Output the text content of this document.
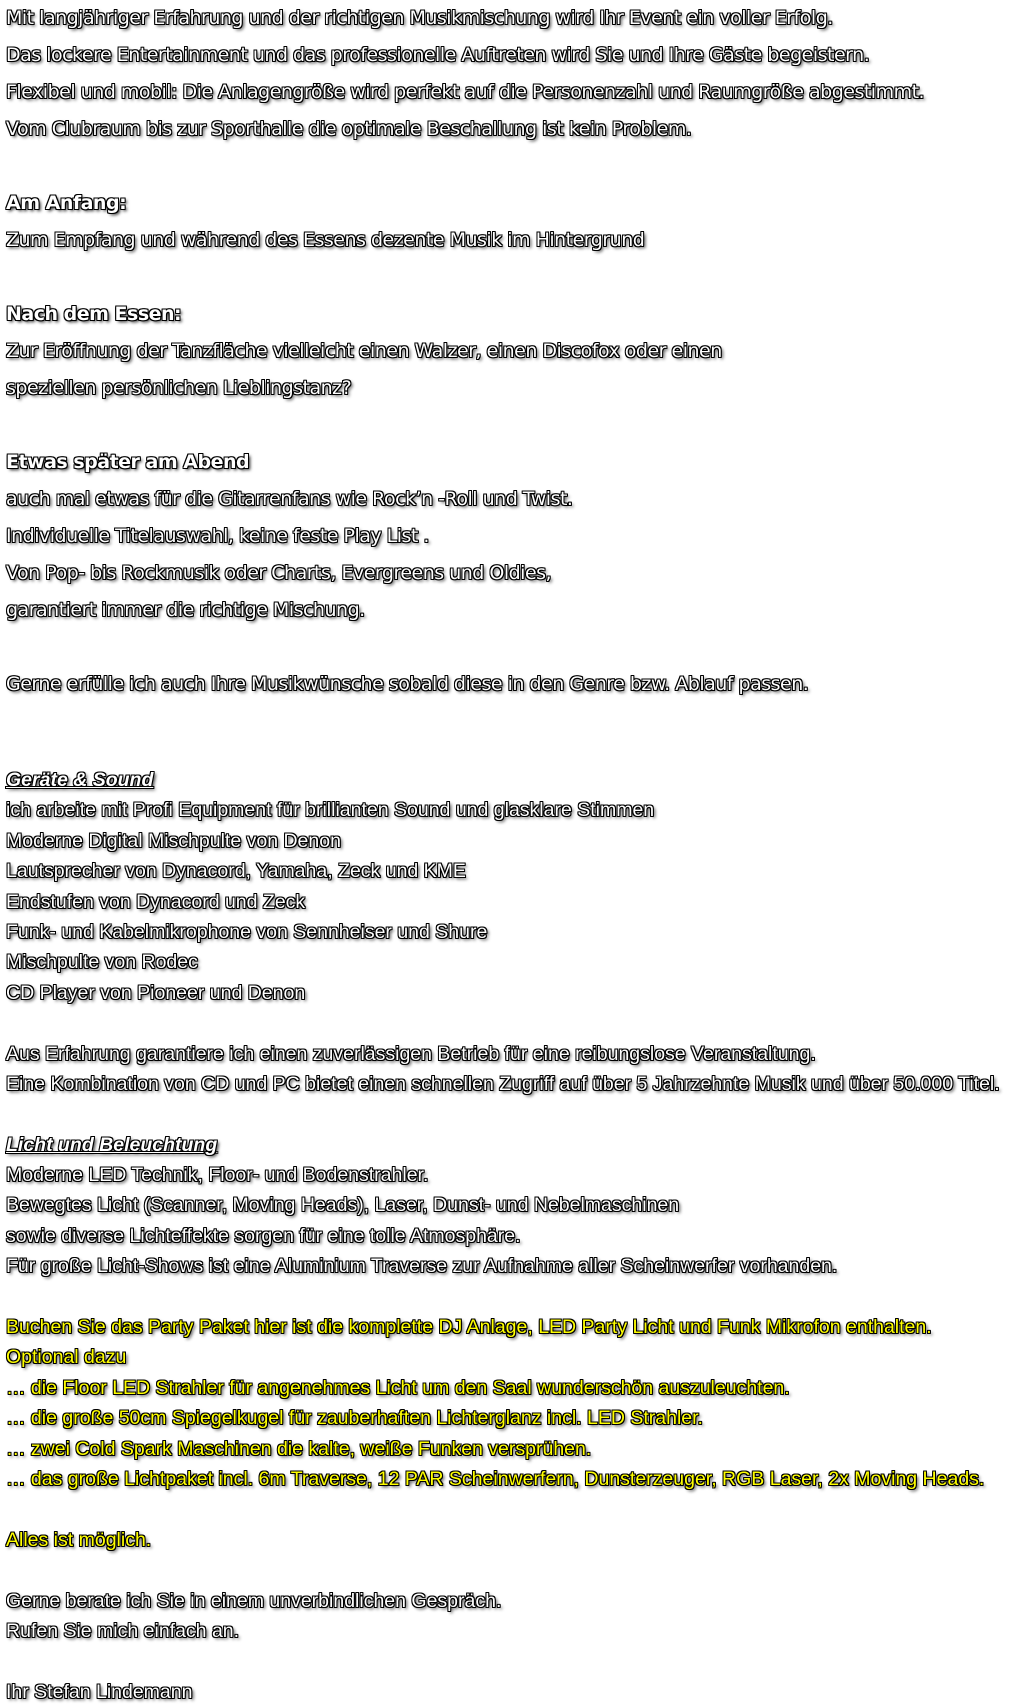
Mit langjähriger Erfahrung und der richtigen Musikmischung wird Ihr Event ein voller Erfolg.
Das lockere Entertainment und das professionelle Auftreten wird Sie und Ihre Gäste begeistern.
Flexibel und mobil: Die Anlagengröße wird perfekt auf die Personenzahl und Raumgröße abgestimmt.
Vom Clubraum bis zur Sporthalle die optimale Beschallung ist kein Problem.
Am Anfang:
Zum Empfang und während des Essens dezente Musik im Hintergrund
Nach dem Essen:
Zur Eröffnung der Tanzfläche vielleicht einen Walzer, einen Discofox oder einen
speziellen persönlichen Lieblingstanz?
Etwas später am Abend
auch mal etwas für die Gitarrenfans wie Rock’n -Roll und Twist.
Individuelle Titelauswahl, keine feste Play List .
Von Pop- bis Rockmusik oder Charts, Evergreens und Oldies,
garantiert immer die richtige Mischung.
Gerne erfülle ich auch Ihre Musikwünsche sobald diese in den Genre bzw. Ablauf passen.
Geräte & Sound
ich arbeite mit Profi Equipment für brillianten Sound und glasklare Stimmen
Moderne Digital Mischpulte von Denon
Lautsprecher von Dynacord, Yamaha, Zeck und KME
Endstufen von Dynacord und Zeck
Funk- und Kabelmikrophone von Sennheiser und Shure
Mischpulte von Rodec
CD Player von Pioneer und Denon
Aus Erfahrung garantiere ich einen zuverlässigen Betrieb für eine reibungslose Veranstaltung.
Eine Kombination von CD und PC bietet einen schnellen Zugriff auf über 5 Jahrzehnte Musik und über 50.000 Titel.
Licht und Beleuchtung
Moderne LED Technik, Floor- und Bodenstrahler.
Bewegtes Licht (Scanner, Moving Heads), Laser, Dunst- und Nebelmaschinen
sowie diverse Lichteffekte sorgen für eine tolle Atmosphäre.
Für große Licht-Shows ist eine Aluminium Traverse zur Aufnahme aller Scheinwerfer vorhanden.
Buchen Sie das Party Paket hier ist die komplette DJ Anlage, LED Party Licht und Funk Mikrofon enthalten.
Optional dazu
… die Floor LED Strahler für angenehmes Licht um den Saal wunderschön auszuleuchten.
… die große 50cm Spiegelkugel für zauberhaften Lichterglanz incl. LED Strahler.
… zwei Cold Spark Maschinen die kalte, weiße Funken versprühen.
… das große Lichtpaket incl. 6m Traverse, 12 PAR Scheinwerfern, Dunsterzeuger, RGB Laser, 2x Moving Heads.
Alles ist möglich.
Gerne berate ich Sie in einem unverbindlichen Gespräch.
Rufen Sie mich einfach an.
Ihr Stefan Lindemann
